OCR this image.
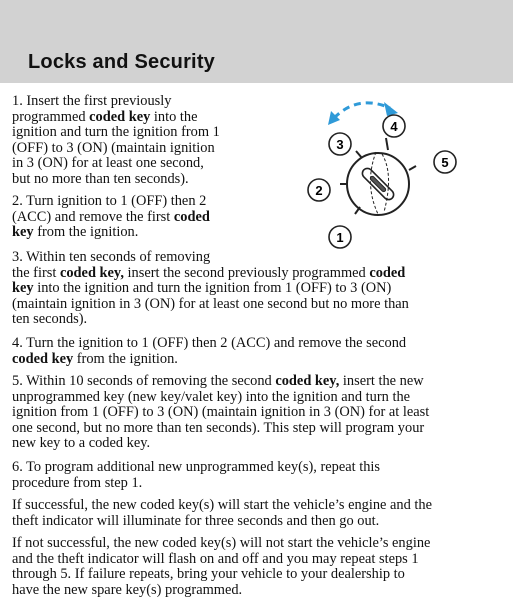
Locks and Security
1
2
3
4
5
1. Insert the first previously
programmed coded key into the
ignition and turn the ignition from 1
(OFF) to 3 (ON) (maintain ignition
in 3 (ON) for at least one second,
but no more than ten seconds).
2. Turn ignition to 1 (OFF) then 2
(ACC) and remove the first coded
key from the ignition.
3. Within ten seconds of removing
the first coded key, insert the second previously programmed coded
key into the ignition and turn the ignition from 1 (OFF) to 3 (ON)
(maintain ignition in 3 (ON) for at least one second but no more than
ten seconds).
4. Turn the ignition to 1 (OFF) then 2 (ACC) and remove the second
coded key from the ignition.
5. Within 10 seconds of removing the second coded key, insert the new
unprogrammed key (new key/valet key) into the ignition and turn the
ignition from 1 (OFF) to 3 (ON) (maintain ignition in 3 (ON) for at least
one second, but no more than ten seconds). This step will program your
new key to a coded key.
6. To program additional new unprogrammed key(s), repeat this
procedure from step 1.
If successful, the new coded key(s) will start the vehicle’s engine and the
theft indicator will illuminate for three seconds and then go out.
If not successful, the new coded key(s) will not start the vehicle’s engine
and the theft indicator will flash on and off and you may repeat steps 1
through 5. If failure repeats, bring your vehicle to your dealership to
have the new spare key(s) programmed.
